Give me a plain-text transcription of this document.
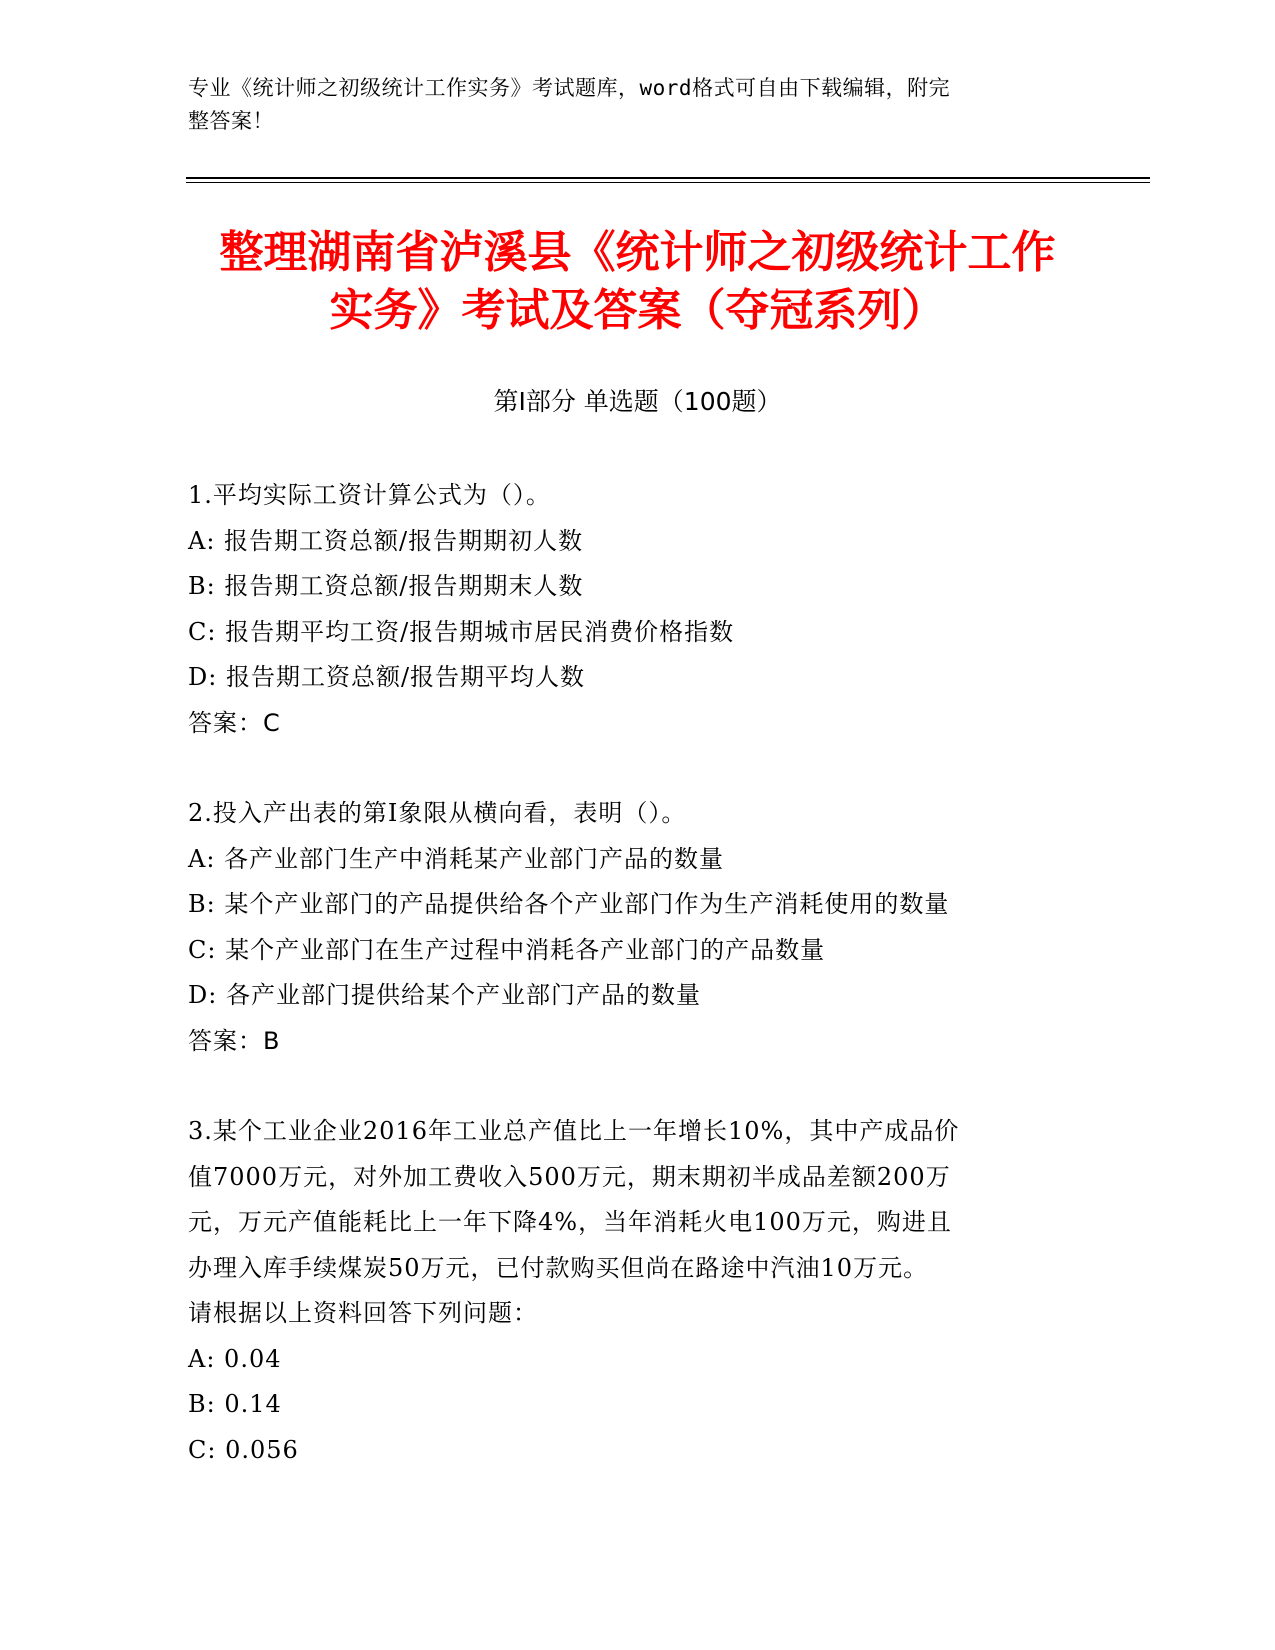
专业《统计师之初级统计工作实务》考试题库，word格式可自由下载编辑，附完
整答案！
整理湖南省泸溪县《统计师之初级统计工作
实务》考试及答案（夺冠系列）
第Ⅰ部分 单选题（100题）
1.平均实际工资计算公式为（）。
A: 报告期工资总额/报告期期初人数
B: 报告期工资总额/报告期期末人数
C: 报告期平均工资/报告期城市居民消费价格指数
D: 报告期工资总额/报告期平均人数
答案：C
2.投入产出表的第Ⅰ象限从横向看，表明（）。
A: 各产业部门生产中消耗某产业部门产品的数量
B: 某个产业部门的产品提供给各个产业部门作为生产消耗使用的数量
C: 某个产业部门在生产过程中消耗各产业部门的产品数量
D: 各产业部门提供给某个产业部门产品的数量
答案：B
3.某个工业企业2016年工业总产值比上一年增长10%，其中产成品价
值7000万元，对外加工费收入500万元，期末期初半成品差额200万
元，万元产值能耗比上一年下降4%，当年消耗火电100万元，购进且
办理入库手续煤炭50万元，已付款购买但尚在路途中汽油10万元。
请根据以上资料回答下列问题：
A: 0.04
B: 0.14
C: 0.056
